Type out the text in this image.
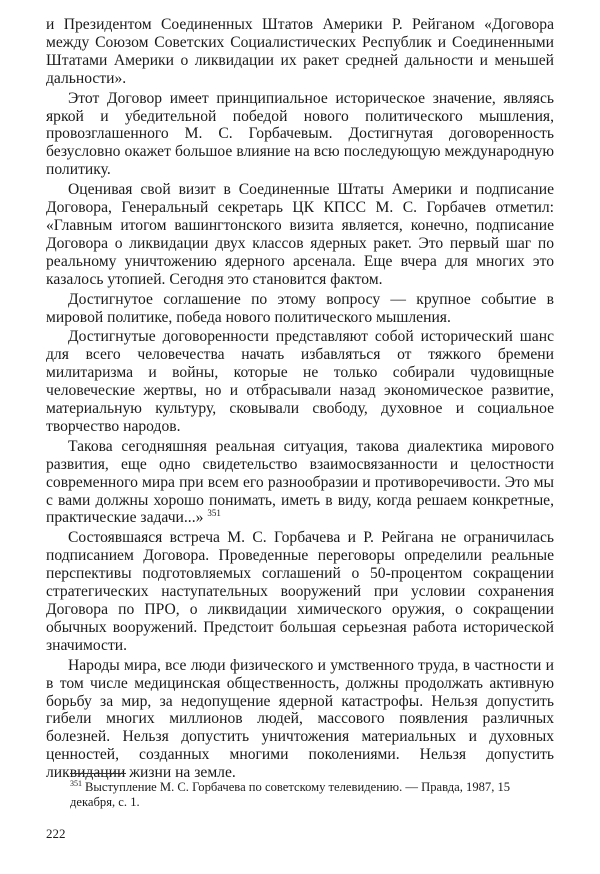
и Президентом Соединенных Штатов Америки Р. Рейганом «Договора между Союзом Советских Социалистических Республик и Соединенными Штатами Америки о ликвидации их ракет средней дальности и меньшей дальности».

Этот Договор имеет принципиальное историческое значение, являясь яркой и убедительной победой нового политического мышления, провозглашенного М. С. Горбачевым. Достигнутая договоренность безусловно окажет большое влияние на всю последующую международную политику.

Оценивая свой визит в Соединенные Штаты Америки и подписание Договора, Генеральный секретарь ЦК КПСС М. С. Горбачев отметил: «Главным итогом вашингтонского визита является, конечно, подписание Договора о ликвидации двух классов ядерных ракет. Это первый шаг по реальному уничтожению ядерного арсенала. Еще вчера для многих это казалось утопией. Сегодня это становится фактом.

Достигнутое соглашение по этому вопросу — крупное событие в мировой политике, победа нового политического мышления.

Достигнутые договоренности представляют собой исторический шанс для всего человечества начать избавляться от тяжкого бремени милитаризма и войны, которые не только собирали чудовищные человеческие жертвы, но и отбрасывали назад экономическое развитие, материальную культуру, сковывали свободу, духовное и социальное творчество народов.

Такова сегодняшняя реальная ситуация, такова диалектика мирового развития, еще одно свидетельство взаимосвязанности и целостности современного мира при всем его разнообразии и противоречивости. Это мы с вами должны хорошо понимать, иметь в виду, когда решаем конкретные, практические задачи...» $^{351}$

Состоявшаяся встреча М. С. Горбачева и Р. Рейгана не ограничилась подписанием Договора. Проведенные переговоры определили реальные перспективы подготовляемых соглашений о 50-процентом сокращении стратегических наступательных вооружений при условии сохранения Договора по ПРО, о ликвидации химического оружия, о сокращении обычных вооружений. Предстоит большая серьезная работа исторической значимости.

Народы мира, все люди физического и умственного труда, в частности и в том числе медицинская общественность, должны продолжать активную борьбу за мир, за недопущение ядерной катастрофы. Нельзя допустить гибели многих миллионов людей, массового появления различных болезней. Нельзя допустить уничтожения материальных и духовных ценностей, созданных многими поколениями. Нельзя допустить ликвидации жизни на земле.

$^{351}$ Выступление М. С. Горбачева по советскому телевидению. — Правда, 1987, 15 декабря, с. 1.
222
